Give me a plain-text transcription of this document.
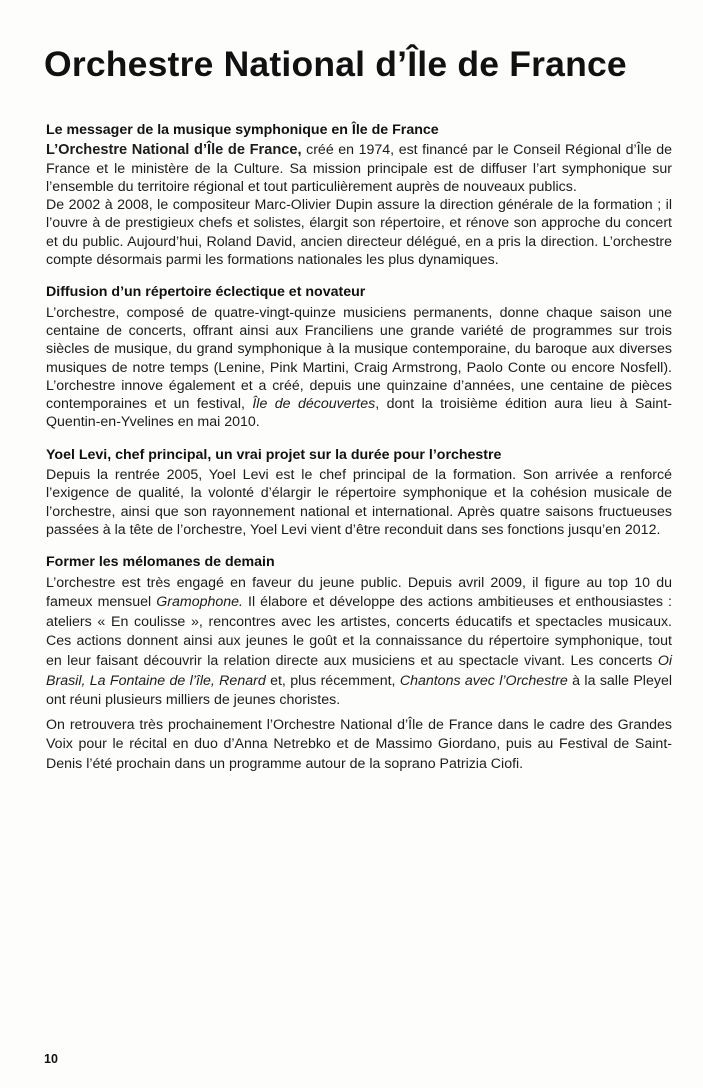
Orchestre National d’Île de France
Le messager de la musique symphonique en Île de France

L’Orchestre National d’Île de France, créé en 1974, est financé par le Conseil Régional d’Île de France et le ministère de la Culture. Sa mission principale est de diffuser l’art symphonique sur l’ensemble du territoire régional et tout particulièrement auprès de nouveaux publics.

De 2002 à 2008, le compositeur Marc-Olivier Dupin assure la direction générale de la formation ; il l’ouvre à de prestigieux chefs et solistes, élargit son répertoire, et rénove son approche du concert et du public. Aujourd’hui, Roland David, ancien directeur délégué, en a pris la direction. L’orchestre compte désormais parmi les formations nationales les plus dynamiques.

Diffusion d’un répertoire éclectique et novateur

L’orchestre, composé de quatre-vingt-quinze musiciens permanents, donne chaque saison une centaine de concerts, offrant ainsi aux Franciliens une grande variété de programmes sur trois siècles de musique, du grand symphonique à la musique contemporaine, du baroque aux diverses musiques de notre temps (Lenine, Pink Martini, Craig Armstrong, Paolo Conte ou encore Nosfell). L’orchestre innove également et a créé, depuis une quinzaine d’années, une centaine de pièces contemporaines et un festival, Île de découvertes, dont la troisième édition aura lieu à Saint-Quentin-en-Yvelines en mai 2010.

Yoel Levi, chef principal, un vrai projet sur la durée pour l’orchestre

Depuis la rentrée 2005, Yoel Levi est le chef principal de la formation. Son arrivée a renforcé l’exigence de qualité, la volonté d’élargir le répertoire symphonique et la cohésion musicale de l’orchestre, ainsi que son rayonnement national et international. Après quatre saisons fructueuses passées à la tête de l’orchestre, Yoel Levi vient d’être reconduit dans ses fonctions jusqu’en 2012.

Former les mélomanes de demain

L’orchestre est très engagé en faveur du jeune public. Depuis avril 2009, il figure au top 10 du fameux mensuel Gramophone. Il élabore et développe des actions ambitieuses et enthousiastes : ateliers « En coulisse », rencontres avec les artistes, concerts éducatifs et spectacles musicaux. Ces actions donnent ainsi aux jeunes le goût et la connaissance du répertoire symphonique, tout en leur faisant découvrir la relation directe aux musiciens et au spectacle vivant. Les concerts Oi Brasil, La Fontaine de l’île, Renard et, plus récemment, Chantons avec l’Orchestre à la salle Pleyel ont réuni plusieurs milliers de jeunes choristes.

On retrouvera très prochainement l’Orchestre National d’Île de France dans le cadre des Grandes Voix pour le récital en duo d’Anna Netrebko et de Massimo Giordano, puis au Festival de Saint-Denis l’été prochain dans un programme autour de la soprano Patrizia Ciofi.

10
